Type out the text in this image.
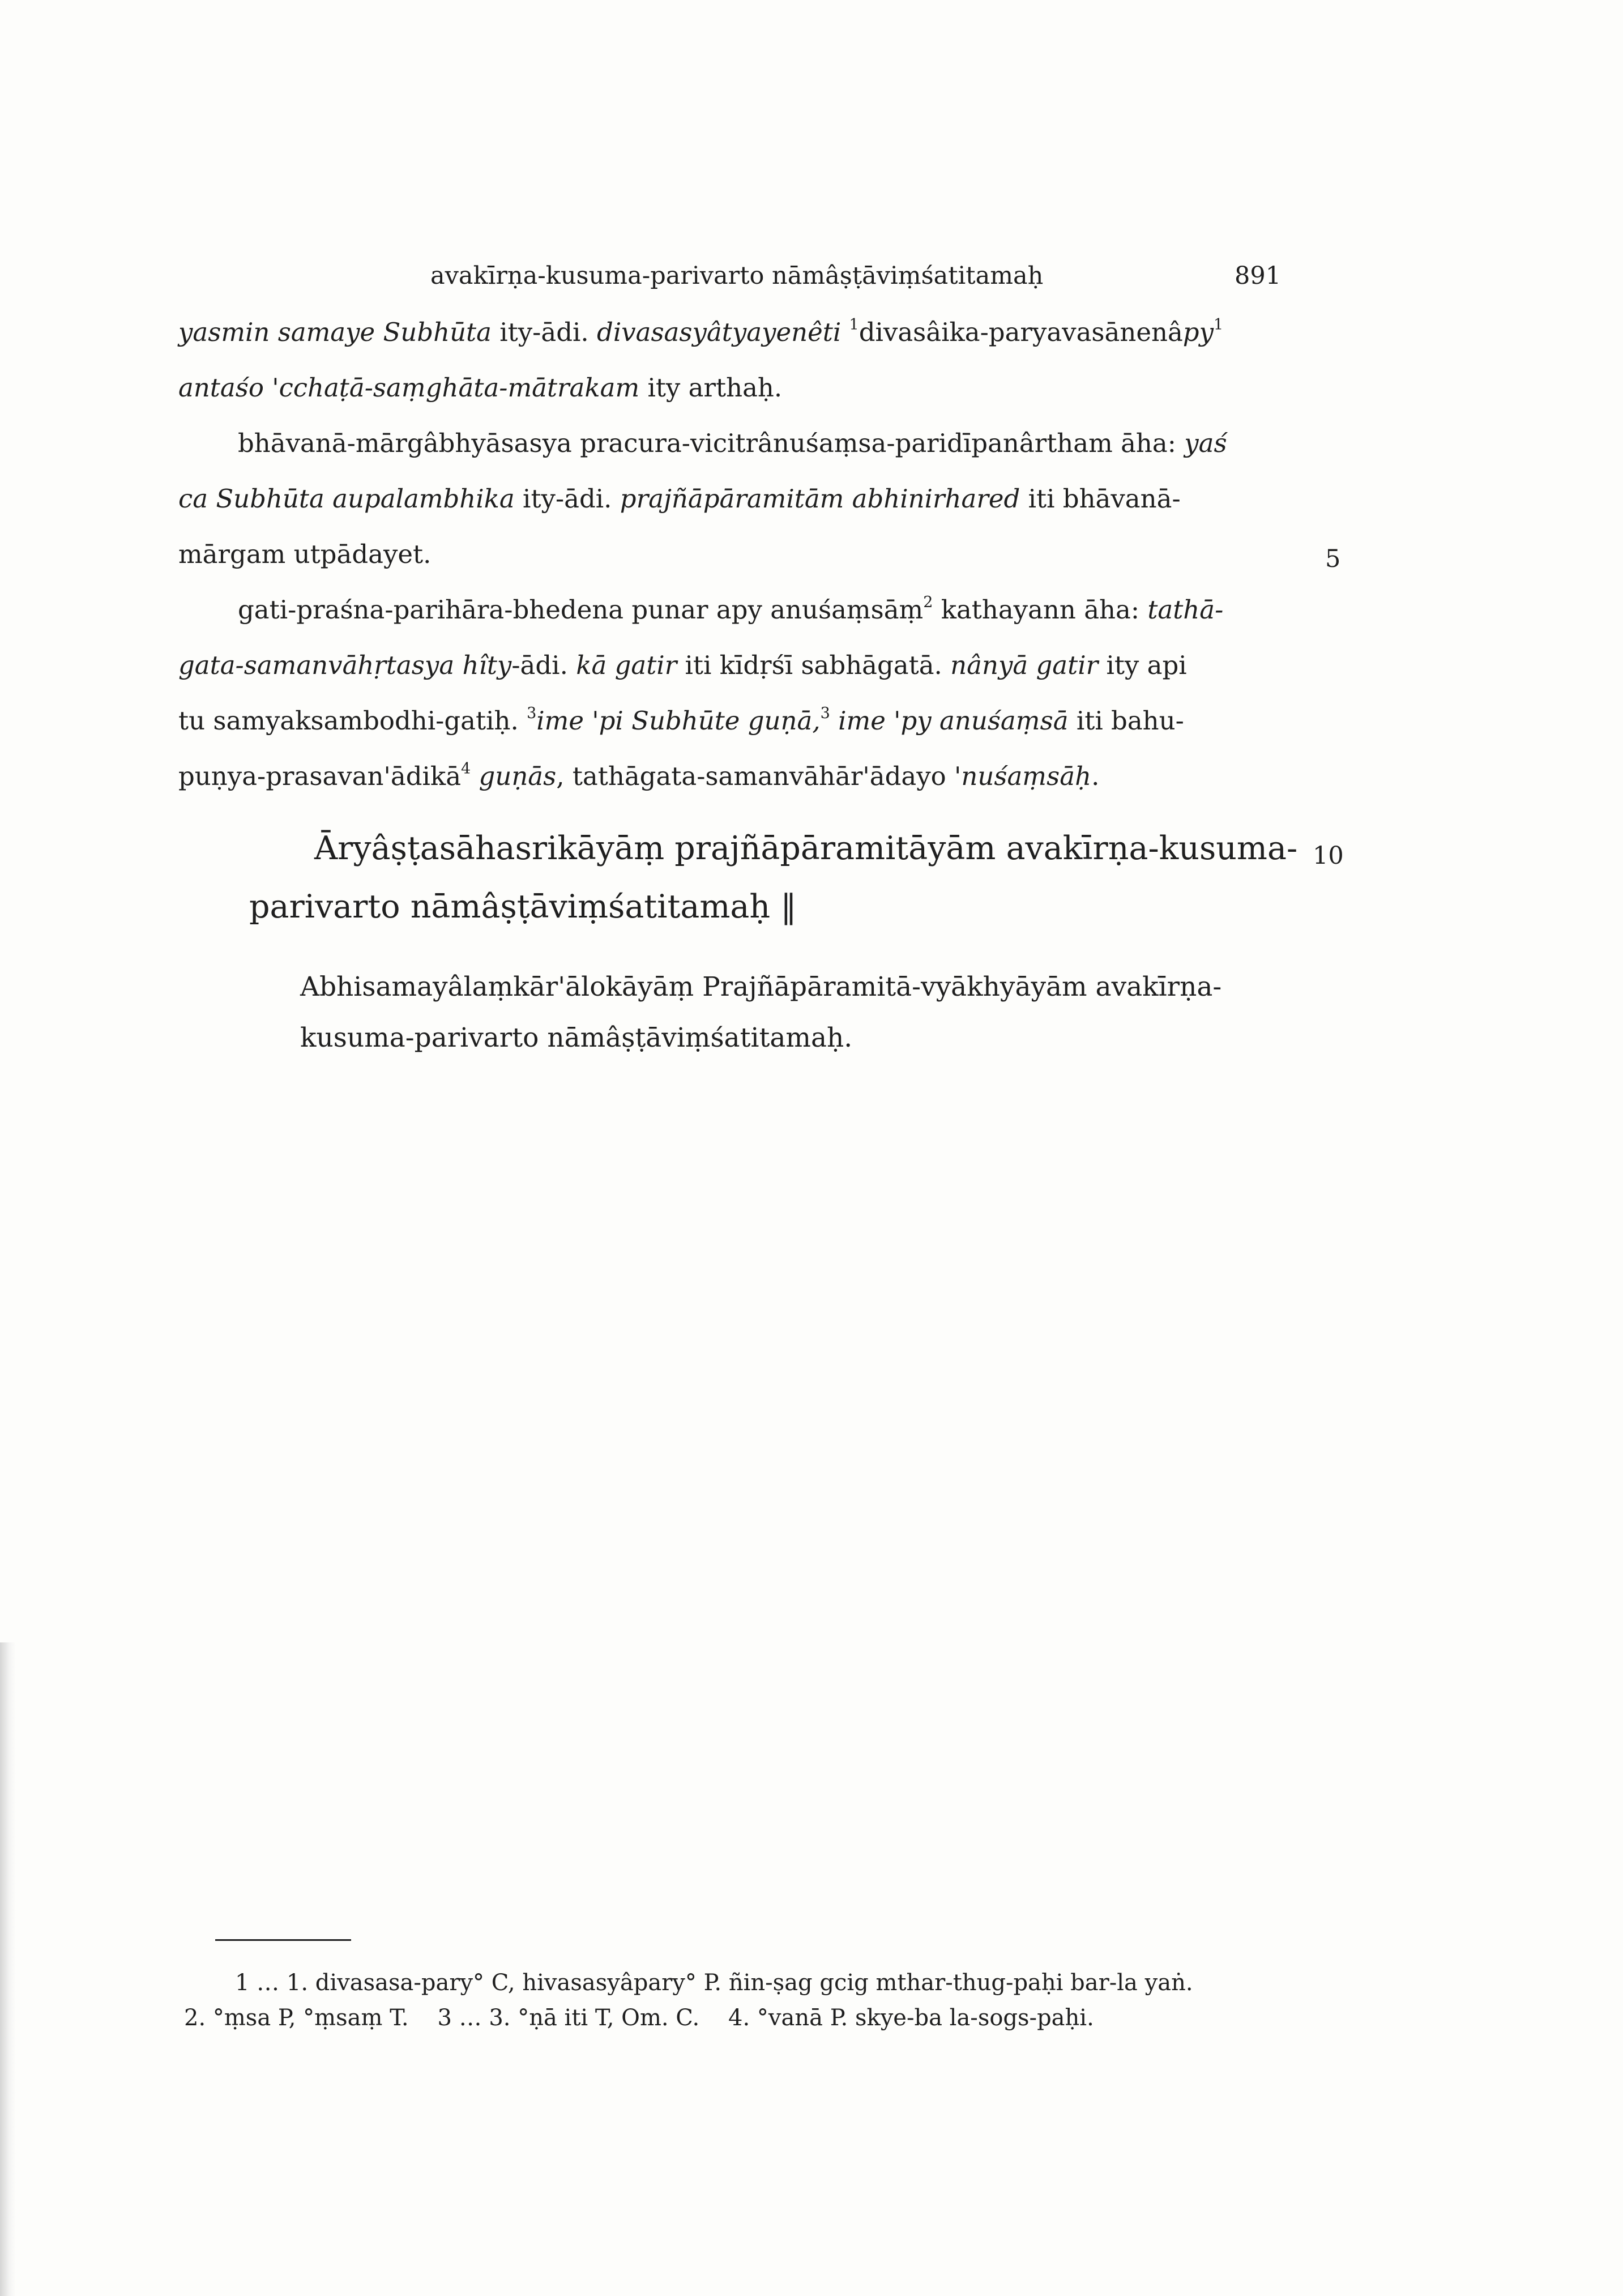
avakīrṇa-kusuma-parivarto nāmâṣṭāviṃśatitamaḥ	891
yasmin samaye Subhūta ity-ādi. divasasyâtyayenêti $^1$divasâika-paryavasānenâpy$^1$
antaśo 'cchaṭā-saṃghāta-mātrakam ity arthaḥ.
bhāvanā-mārgâbhyāsasya pracura-vicitrânuśaṃsa-paridīpanârtham āha: yaś
ca Subhūta aupalambhika ity-ādi. prajñāpāramitām abhinirhared iti bhāvanā-
mārgam utpādayet.
gati-praśna-parihāra-bhedena punar apy anuśaṃsāṃ$^2$ kathayann āha: tathā-
gata-samanvāhṛtasya hîty-ādi. kā gatir iti kīdṛśī sabhāgatā. nânyā gatir ity api
tu samyaksambodhi-gatiḥ. $^3$ime 'pi Subhūte guṇā,$^3$ ime 'py anuśaṃsā iti bahu-
puṇya-prasavan'ādikā$^4$ guṇās, tathāgata-samanvāhār'ādayo 'nuśaṃsāḥ.
5
10
Āryâṣṭasāhasrikāyāṃ prajñāpāramitāyām avakīrṇa-kusuma-
parivarto nāmâṣṭāviṃśatitamaḥ ‖
Abhisamayâlaṃkār'ālokāyāṃ Prajñāpāramitā-vyākhyāyām avakīrṇa-
kusuma-parivarto nāmâṣṭāviṃśatitamaḥ.
1 … 1. divasasa-pary° C, hivasasyâpary° P. ñin-ṣag gcig mthar-thug-paḥi bar-la yaṅ.
2. °ṃsa P, °ṃsaṃ T.    3 … 3. °ṇā iti T, Om. C.    4. °vanā P. skye-ba la-sogs-paḥi.
